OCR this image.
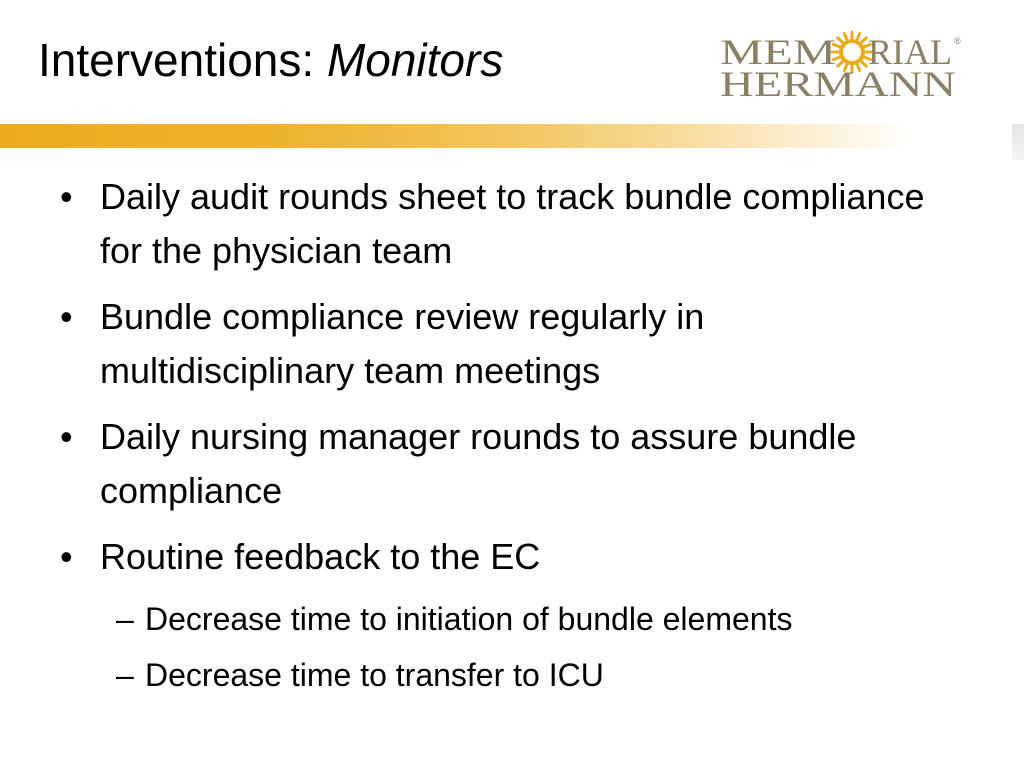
Interventions: Monitors	MEM RIAL ®
HERMANN
• Daily audit rounds sheet to track bundle compliance for the physician team
• Bundle compliance review regularly in multidisciplinary team meetings
• Daily nursing manager rounds to assure bundle compliance
• Routine feedback to the EC
– Decrease time to initiation of bundle elements
– Decrease time to transfer to ICU
